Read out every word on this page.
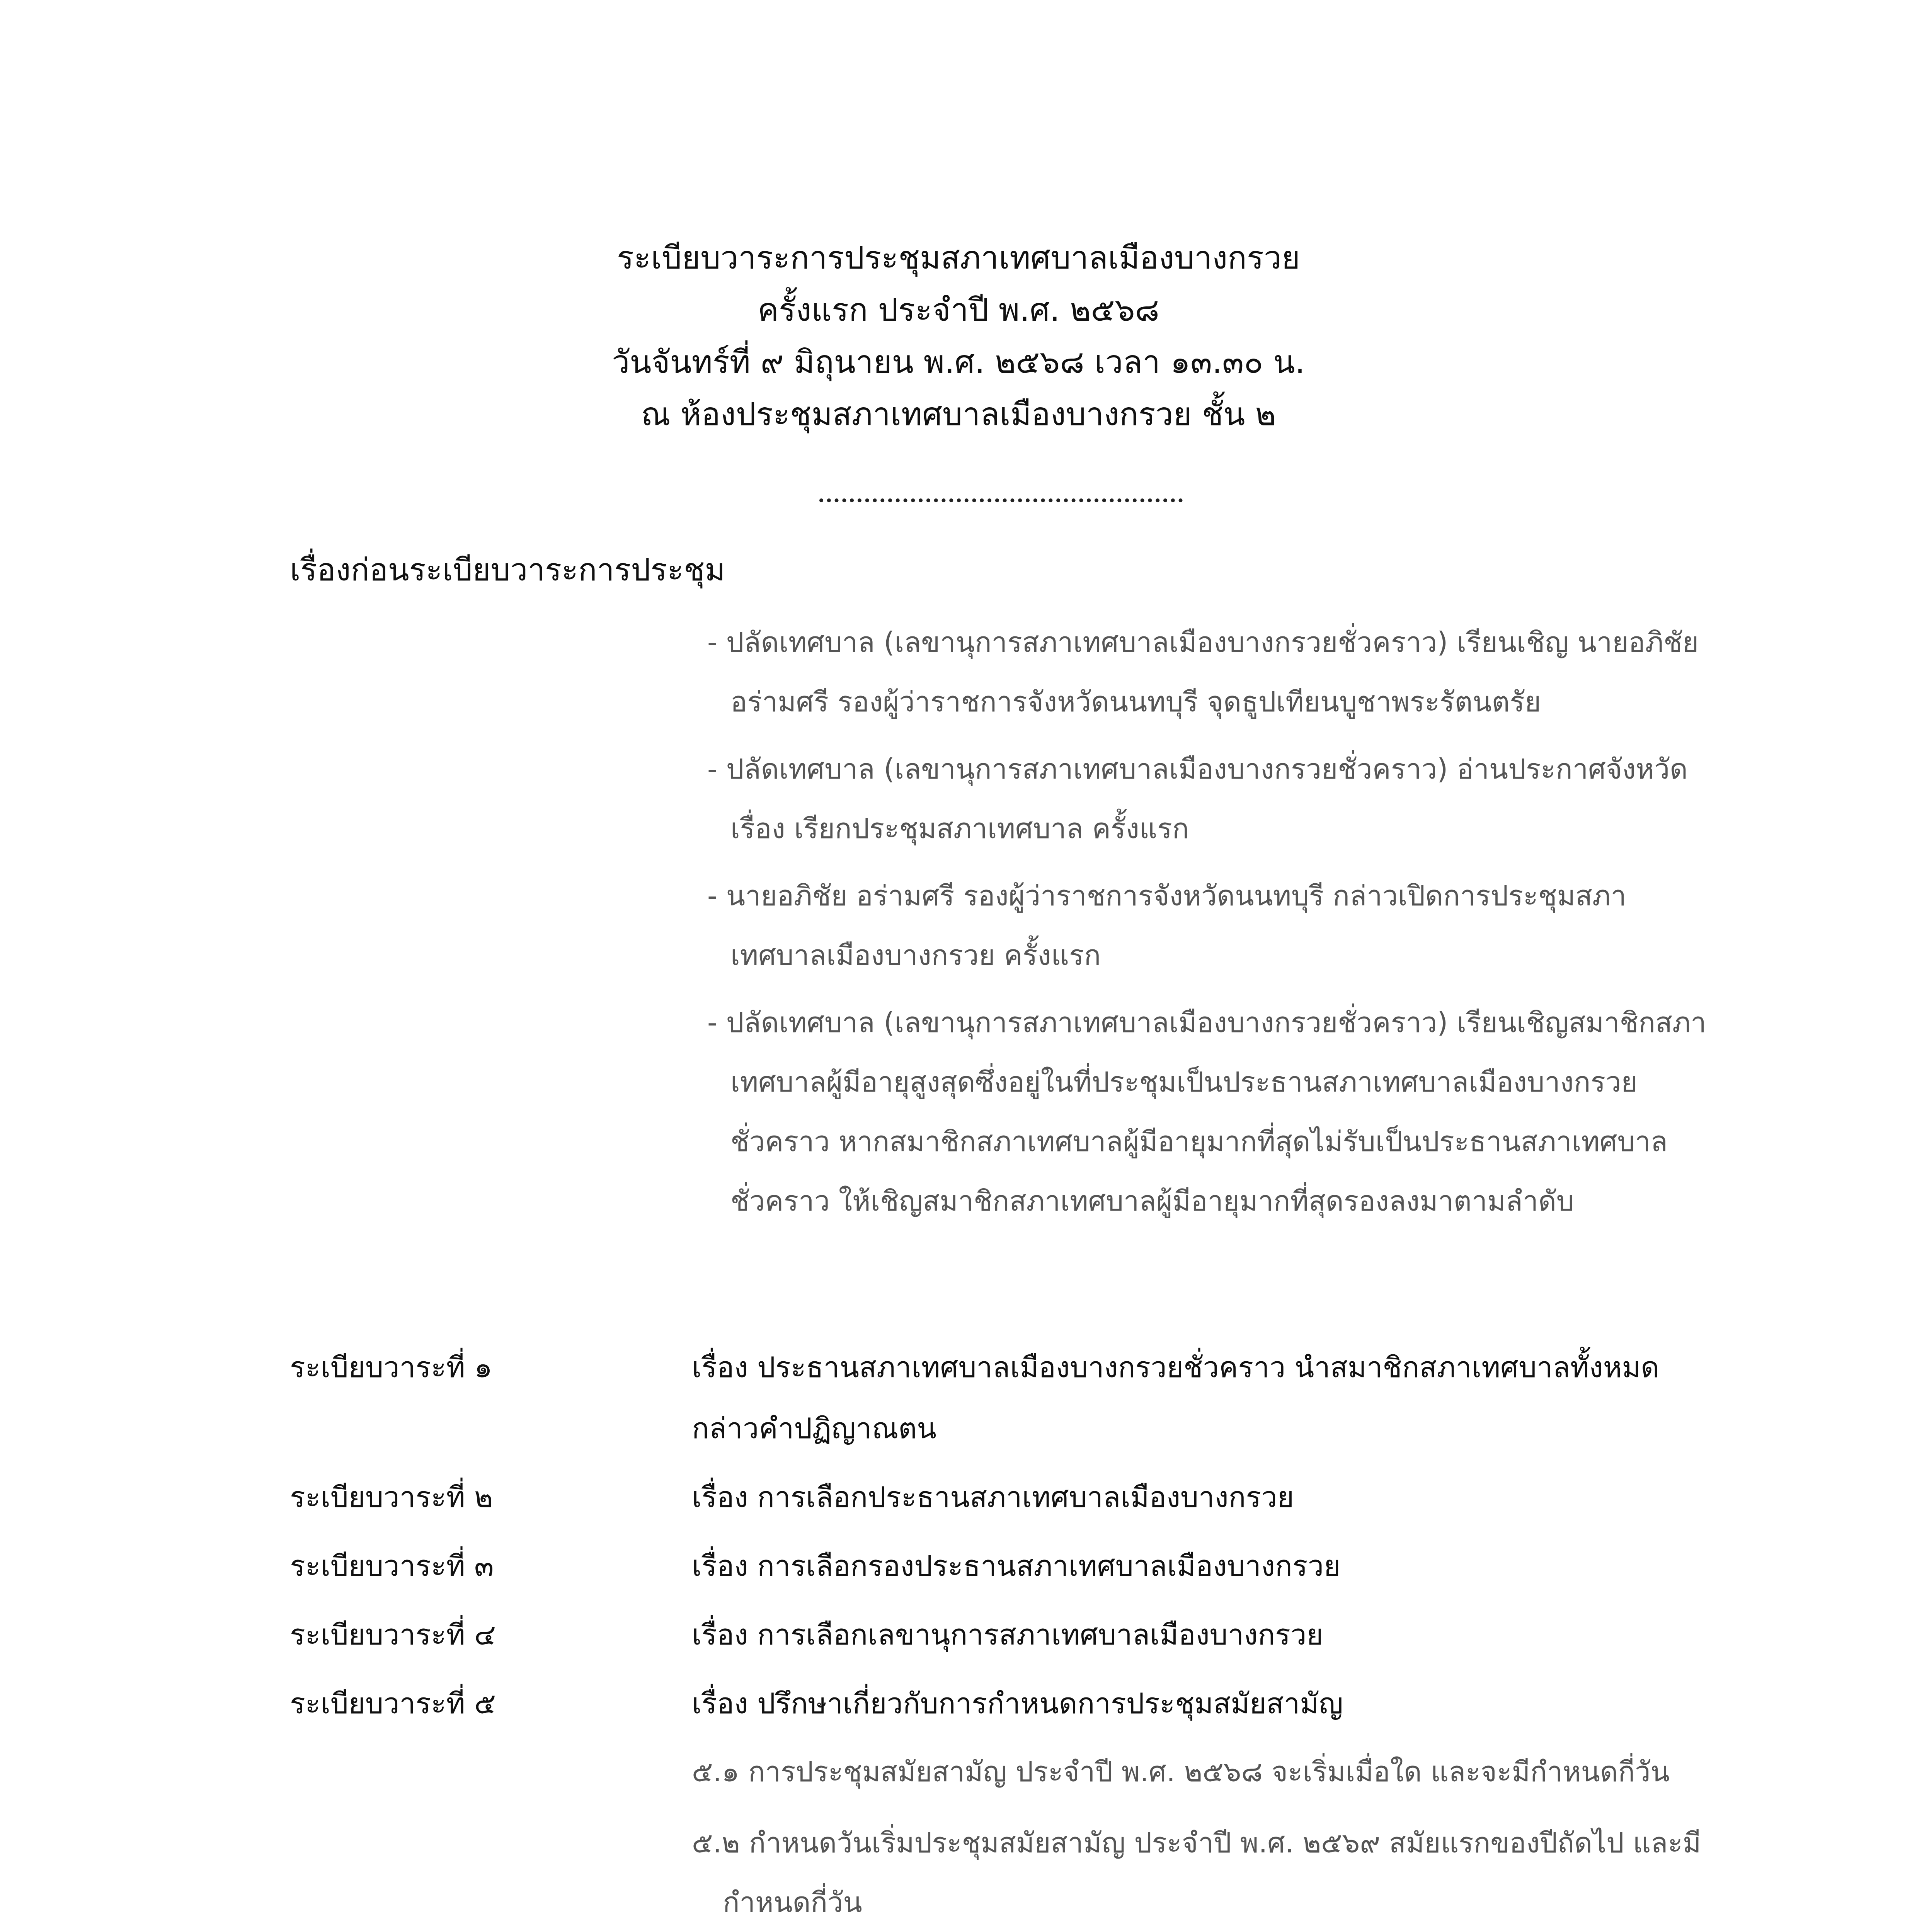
ระเบียบวาระการประชุมสภาเทศบาลเมืองบางกรวย
ครั้งแรก ประจำปี พ.ศ. ๒๕๖๘
วันจันทร์ที่ ๙ มิถุนายน พ.ศ. ๒๕๖๘ เวลา ๑๓.๓๐ น.
ณ ห้องประชุมสภาเทศบาลเมืองบางกรวย ชั้น ๒
เรื่องก่อนระเบียบวาระการประชุม
- ปลัดเทศบาล (เลขานุการสภาเทศบาลเมืองบางกรวยชั่วคราว) เรียนเชิญ นายอภิชัย อร่ามศรี รองผู้ว่าราชการจังหวัดนนทบุรี จุดธูปเทียนบูชาพระรัตนตรัย
- ปลัดเทศบาล (เลขานุการสภาเทศบาลเมืองบางกรวยชั่วคราว) อ่านประกาศจังหวัด เรื่อง เรียกประชุมสภาเทศบาล ครั้งแรก
- นายอภิชัย อร่ามศรี รองผู้ว่าราชการจังหวัดนนทบุรี กล่าวเปิดการประชุมสภาเทศบาลเมืองบางกรวย ครั้งแรก
- ปลัดเทศบาล (เลขานุการสภาเทศบาลเมืองบางกรวยชั่วคราว) เรียนเชิญสมาชิกสภาเทศบาลผู้มีอายุสูงสุดซึ่งอยู่ในที่ประชุมเป็นประธานสภาเทศบาลเมืองบางกรวยชั่วคราว หากสมาชิกสภาเทศบาลผู้มีอายุมากที่สุดไม่รับเป็นประธานสภาเทศบาลชั่วคราว ให้เชิญสมาชิกสภาเทศบาลผู้มีอายุมากที่สุดรองลงมาตามลำดับ
ระเบียบวาระที่ ๑	เรื่อง ประธานสภาเทศบาลเมืองบางกรวยชั่วคราว นำสมาชิกสภาเทศบาลทั้งหมดกล่าวคำปฏิญาณตน
ระเบียบวาระที่ ๒	เรื่อง การเลือกประธานสภาเทศบาลเมืองบางกรวย
ระเบียบวาระที่ ๓	เรื่อง การเลือกรองประธานสภาเทศบาลเมืองบางกรวย
ระเบียบวาระที่ ๔	เรื่อง การเลือกเลขานุการสภาเทศบาลเมืองบางกรวย
ระเบียบวาระที่ ๕	เรื่อง ปรึกษาเกี่ยวกับการกำหนดการประชุมสมัยสามัญ
๕.๑ การประชุมสมัยสามัญ ประจำปี พ.ศ. ๒๕๖๘ จะเริ่มเมื่อใด และจะมีกำหนดกี่วัน
๕.๒ กำหนดวันเริ่มประชุมสมัยสามัญ ประจำปี พ.ศ. ๒๕๖๙ สมัยแรกของปีถัดไป และมีกำหนดกี่วัน
